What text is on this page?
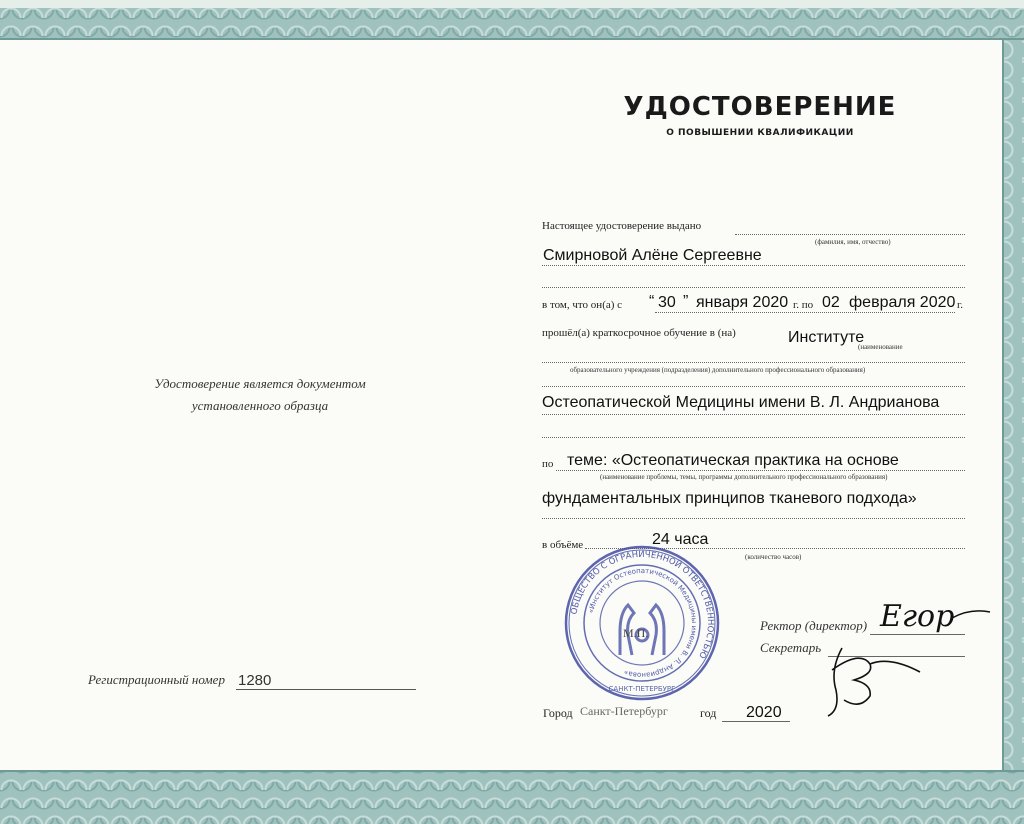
Удостоверение является документом
установленного образца
Регистрационный номер 1280
УДОСТОВЕРЕНИЕ
О ПОВЫШЕНИИ КВАЛИФИКАЦИИ
Настоящее удостоверение выдано
(фамилия, имя, отчество)
Смирновой Алёне Сергеевне
в том, что он(а) с “ 30 ” января 2020 г. по 02 февраля 2020 г.
прошёл(а) краткосрочное обучение в (на)	Институте
(наименование
образовательного учреждения (подразделения) дополнительного профессионального образования)
Остеопатической Медицины имени В. Л. Андрианова
по теме: «Остеопатическая практика на основе
(наименование проблемы, темы, программы дополнительного профессионального образования)
фундаментальных принципов тканевого подхода»
в объёме	24 часа
(количество часов)
ОБЩЕСТВО С ОГРАНИЧЕННОЙ ОТВЕТСТВЕННОСТЬЮ
«Институт Остеопатической Медицины имени В. Л. Андрианова»
САНКТ-ПЕТЕРБУРГ
М.П.	Ректор (директор)
Секретарь
Егор
Город Санкт-Петербург	год 2020
